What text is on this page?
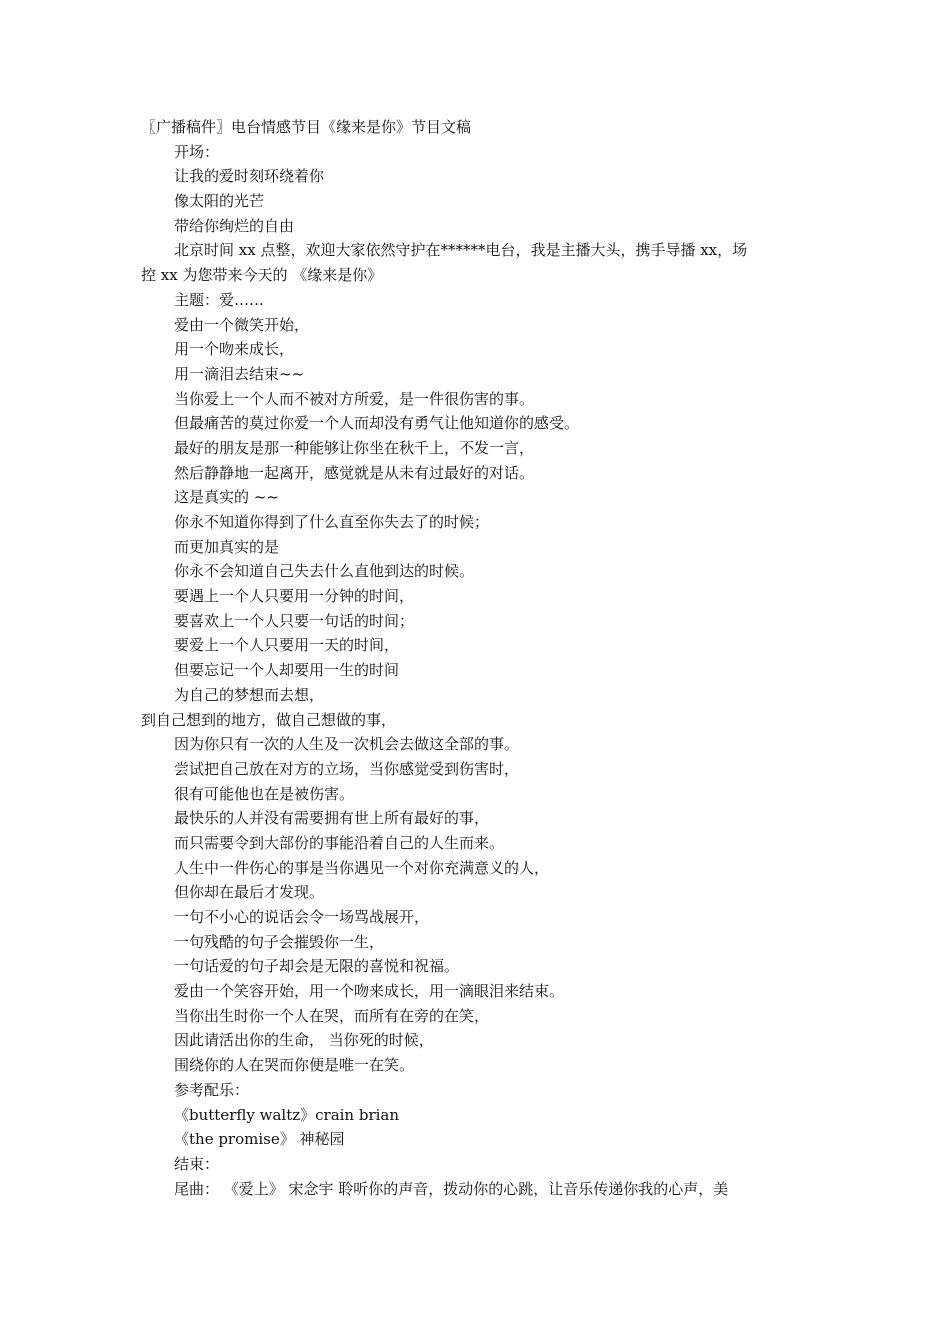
〖广播稿件〗电台情感节目《缘来是你》节目文稿
开场：
让我的爱时刻环绕着你
像太阳的光芒
带给你绚烂的自由
北京时间 xx 点整，欢迎大家依然守护在******电台，我是主播大头，携手导播 xx，场
控 xx 为您带来今天的 《缘来是你》
主题：爱……
爱由一个微笑开始，
用一个吻来成长，
用一滴泪去结束~~
当你爱上一个人而不被对方所爱，是一件很伤害的事。
但最痛苦的莫过你爱一个人而却没有勇气让他知道你的感受。
最好的朋友是那一种能够让你坐在秋千上，不发一言，
然后静静地一起离开，感觉就是从未有过最好的对话。
这是真实的 ~~
你永不知道你得到了什么直至你失去了的时候；
而更加真实的是
你永不会知道自己失去什么直他到达的时候。
要遇上一个人只要用一分钟的时间，
要喜欢上一个人只要一句话的时间；
要爱上一个人只要用一天的时间，
但要忘记一个人却要用一生的时间
为自己的梦想而去想，
到自己想到的地方，做自己想做的事，
因为你只有一次的人生及一次机会去做这全部的事。
尝试把自己放在对方的立场，当你感觉受到伤害时，
很有可能他也在是被伤害。
最快乐的人并没有需要拥有世上所有最好的事，
而只需要令到大部份的事能沿着自己的人生而来。
人生中一件伤心的事是当你遇见一个对你充满意义的人，
但你却在最后才发现。
一句不小心的说话会令一场骂战展开，
一句残酷的句子会摧毁你一生，
一句话爱的句子却会是无限的喜悦和祝福。
爱由一个笑容开始，用一个吻来成长，用一滴眼泪来结束。
当你出生时你一个人在哭，而所有在旁的在笑，
因此请活出你的生命， 当你死的时候，
围绕你的人在哭而你便是唯一在笑。
参考配乐：
《butterfly waltz》crain brian
《the promise》 神秘园
结束：
尾曲： 《爱上》 宋念宇 聆听你的声音，拨动你的心跳，让音乐传递你我的心声，美
